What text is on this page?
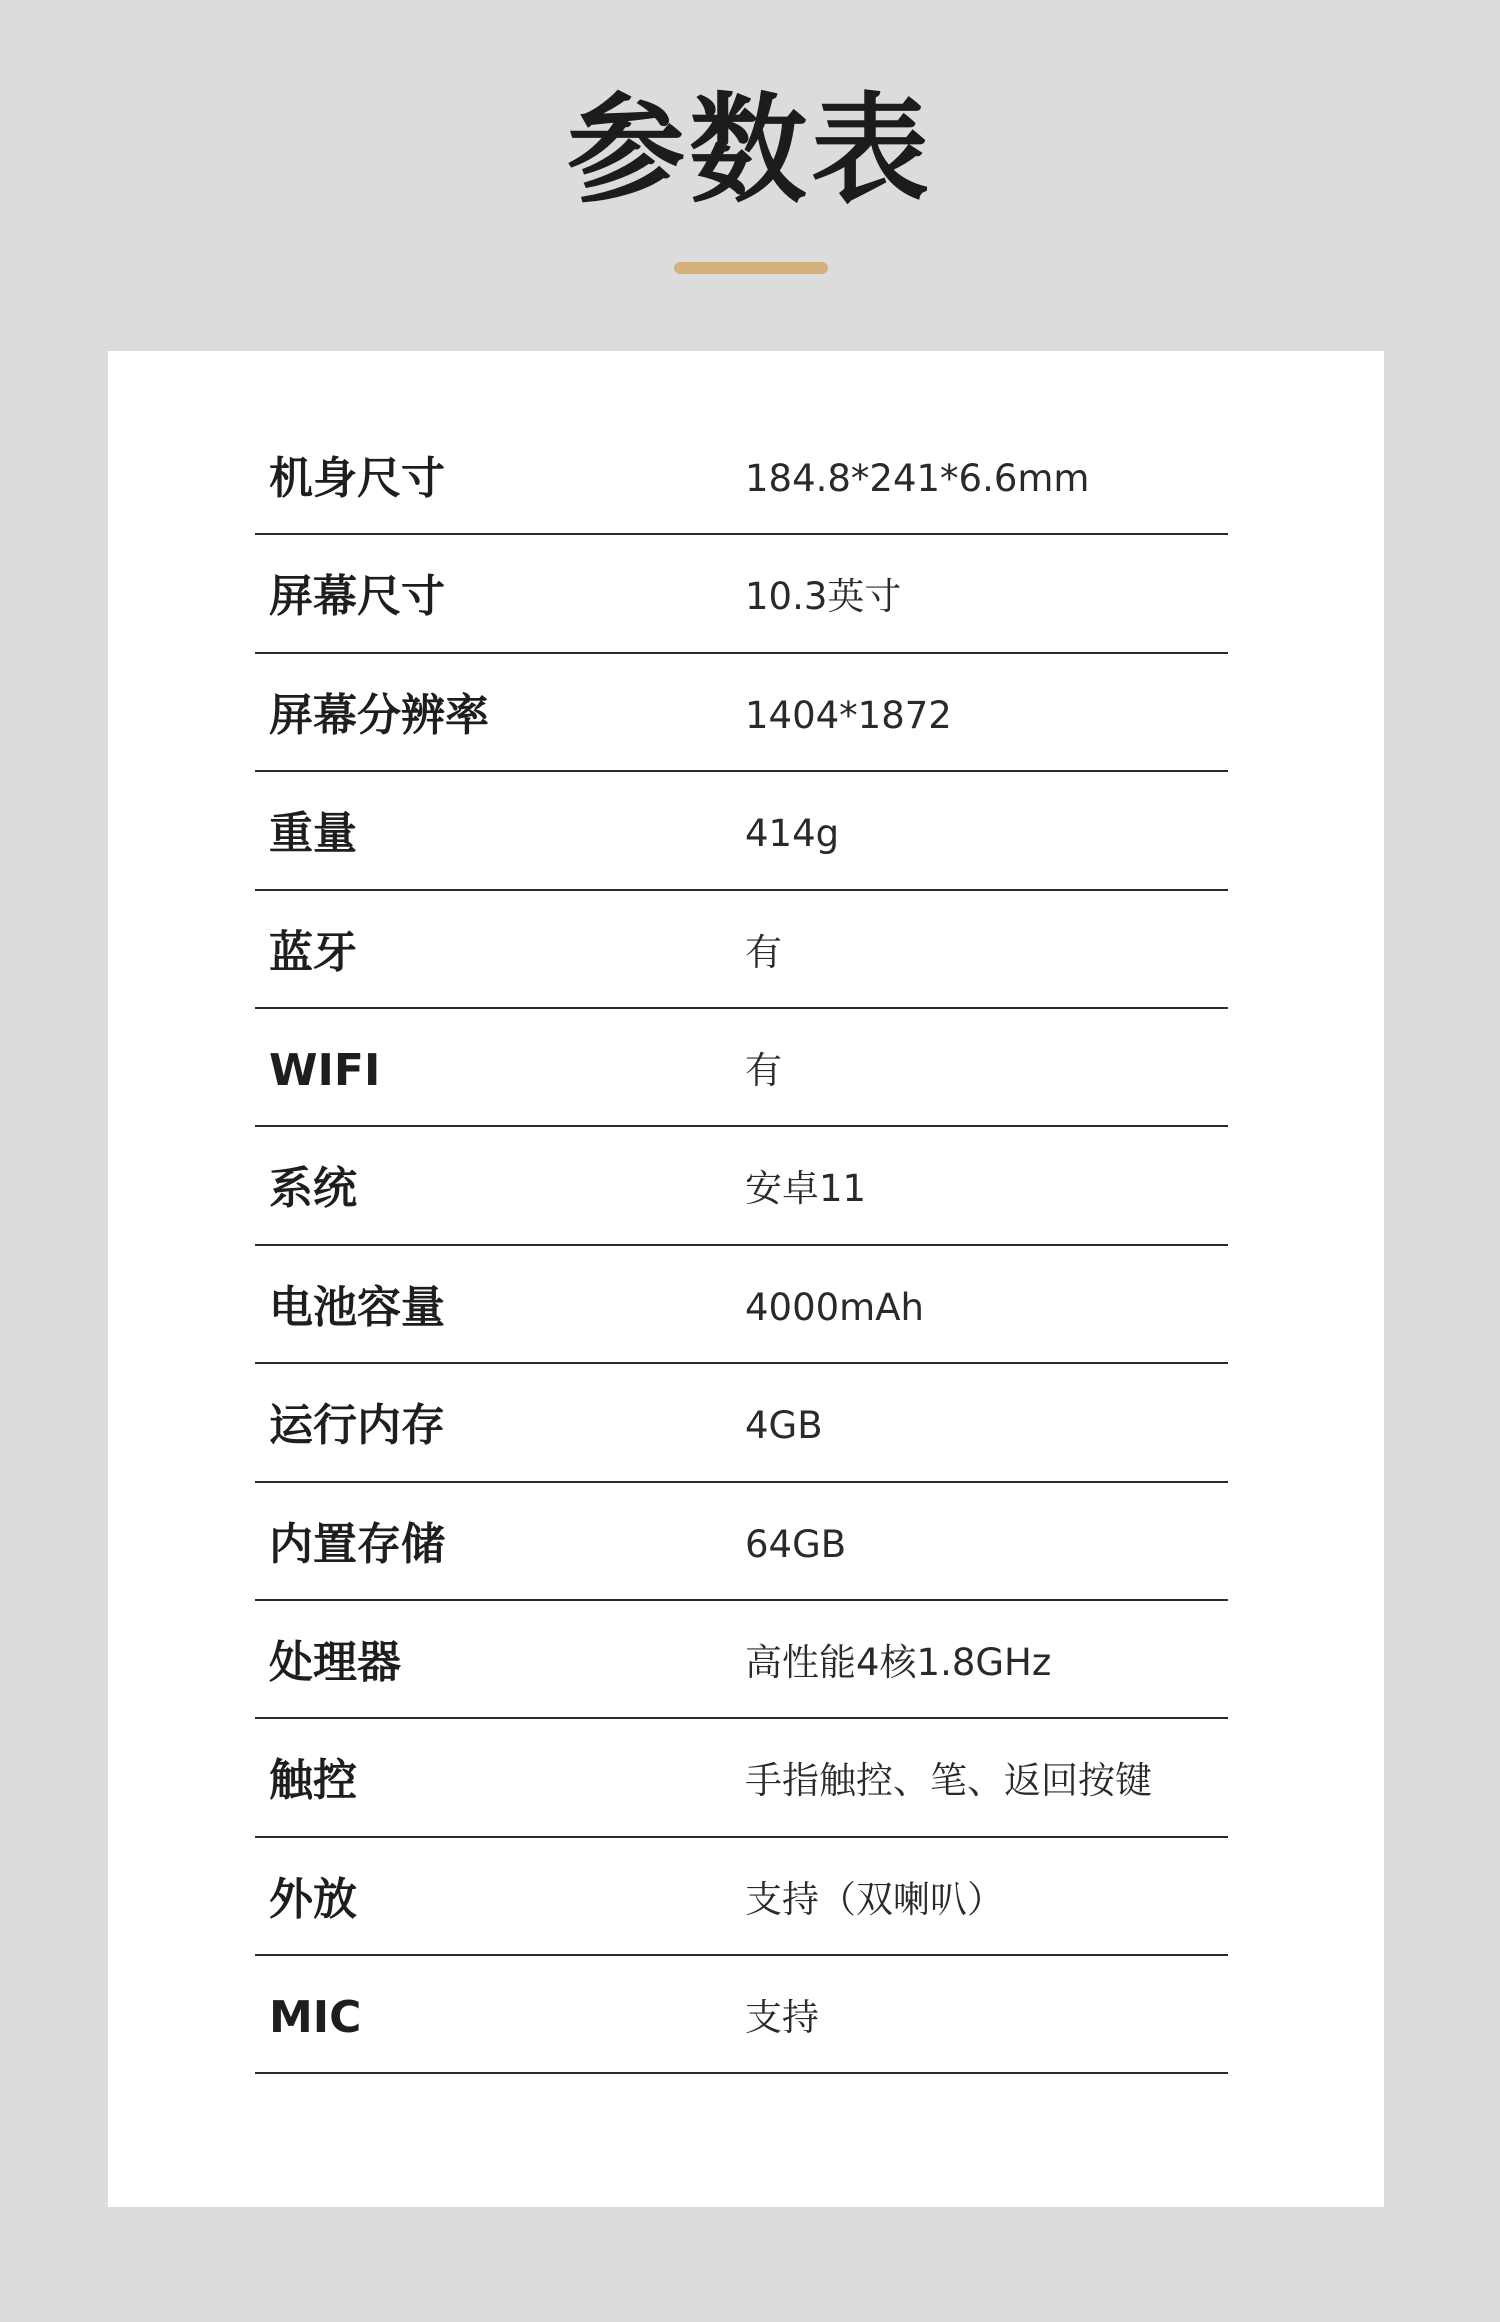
参数表
机身尺寸	184.8*241*6.6mm
屏幕尺寸	10.3英寸
屏幕分辨率	1404*1872
重量	414g
蓝牙	有
WIFI	有
系统	安卓11
电池容量	4000mAh
运行内存	4GB
内置存储	64GB
处理器	高性能4核1.8GHz
触控	手指触控、笔、返回按键
外放	支持（双喇叭）
MIC	支持
